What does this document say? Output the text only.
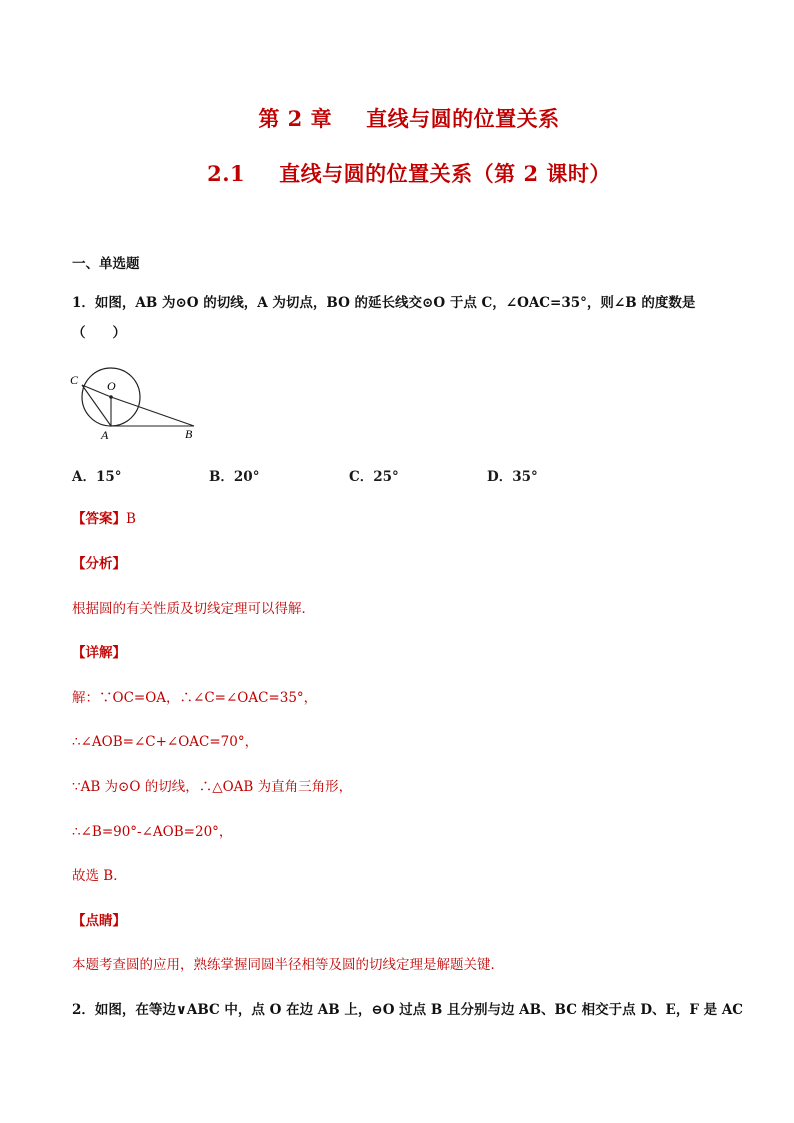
第 2 章 直线与圆的位置关系
2.1 直线与圆的位置关系（第 2 课时）
一、单选题
1．如图，AB 为⊙O 的切线，A 为切点，BO 的延长线交⊙O 于点 C，∠OAC=35°，则∠B 的度数是
（　　）
C O
A	B
A．15°	B．20°	C．25°	D．35°
【答案】B
【分析】
根据圆的有关性质及切线定理可以得解．
【详解】
解：∵OC=OA，∴∠C=∠OAC=35°，
∴∠AOB=∠C+∠OAC=70°，
∵AB 为⊙O 的切线，∴△OAB 为直角三角形，
∴∠B=90°-∠AOB=20°，
故选 B．
【点睛】
本题考查圆的应用，熟练掌握同圆半径相等及圆的切线定理是解题关键．
2．如图，在等边∨ABC 中，点 O 在边 AB 上，⊖O 过点 B 且分别与边 AB、BC 相交于点 D、E，F 是 AC
